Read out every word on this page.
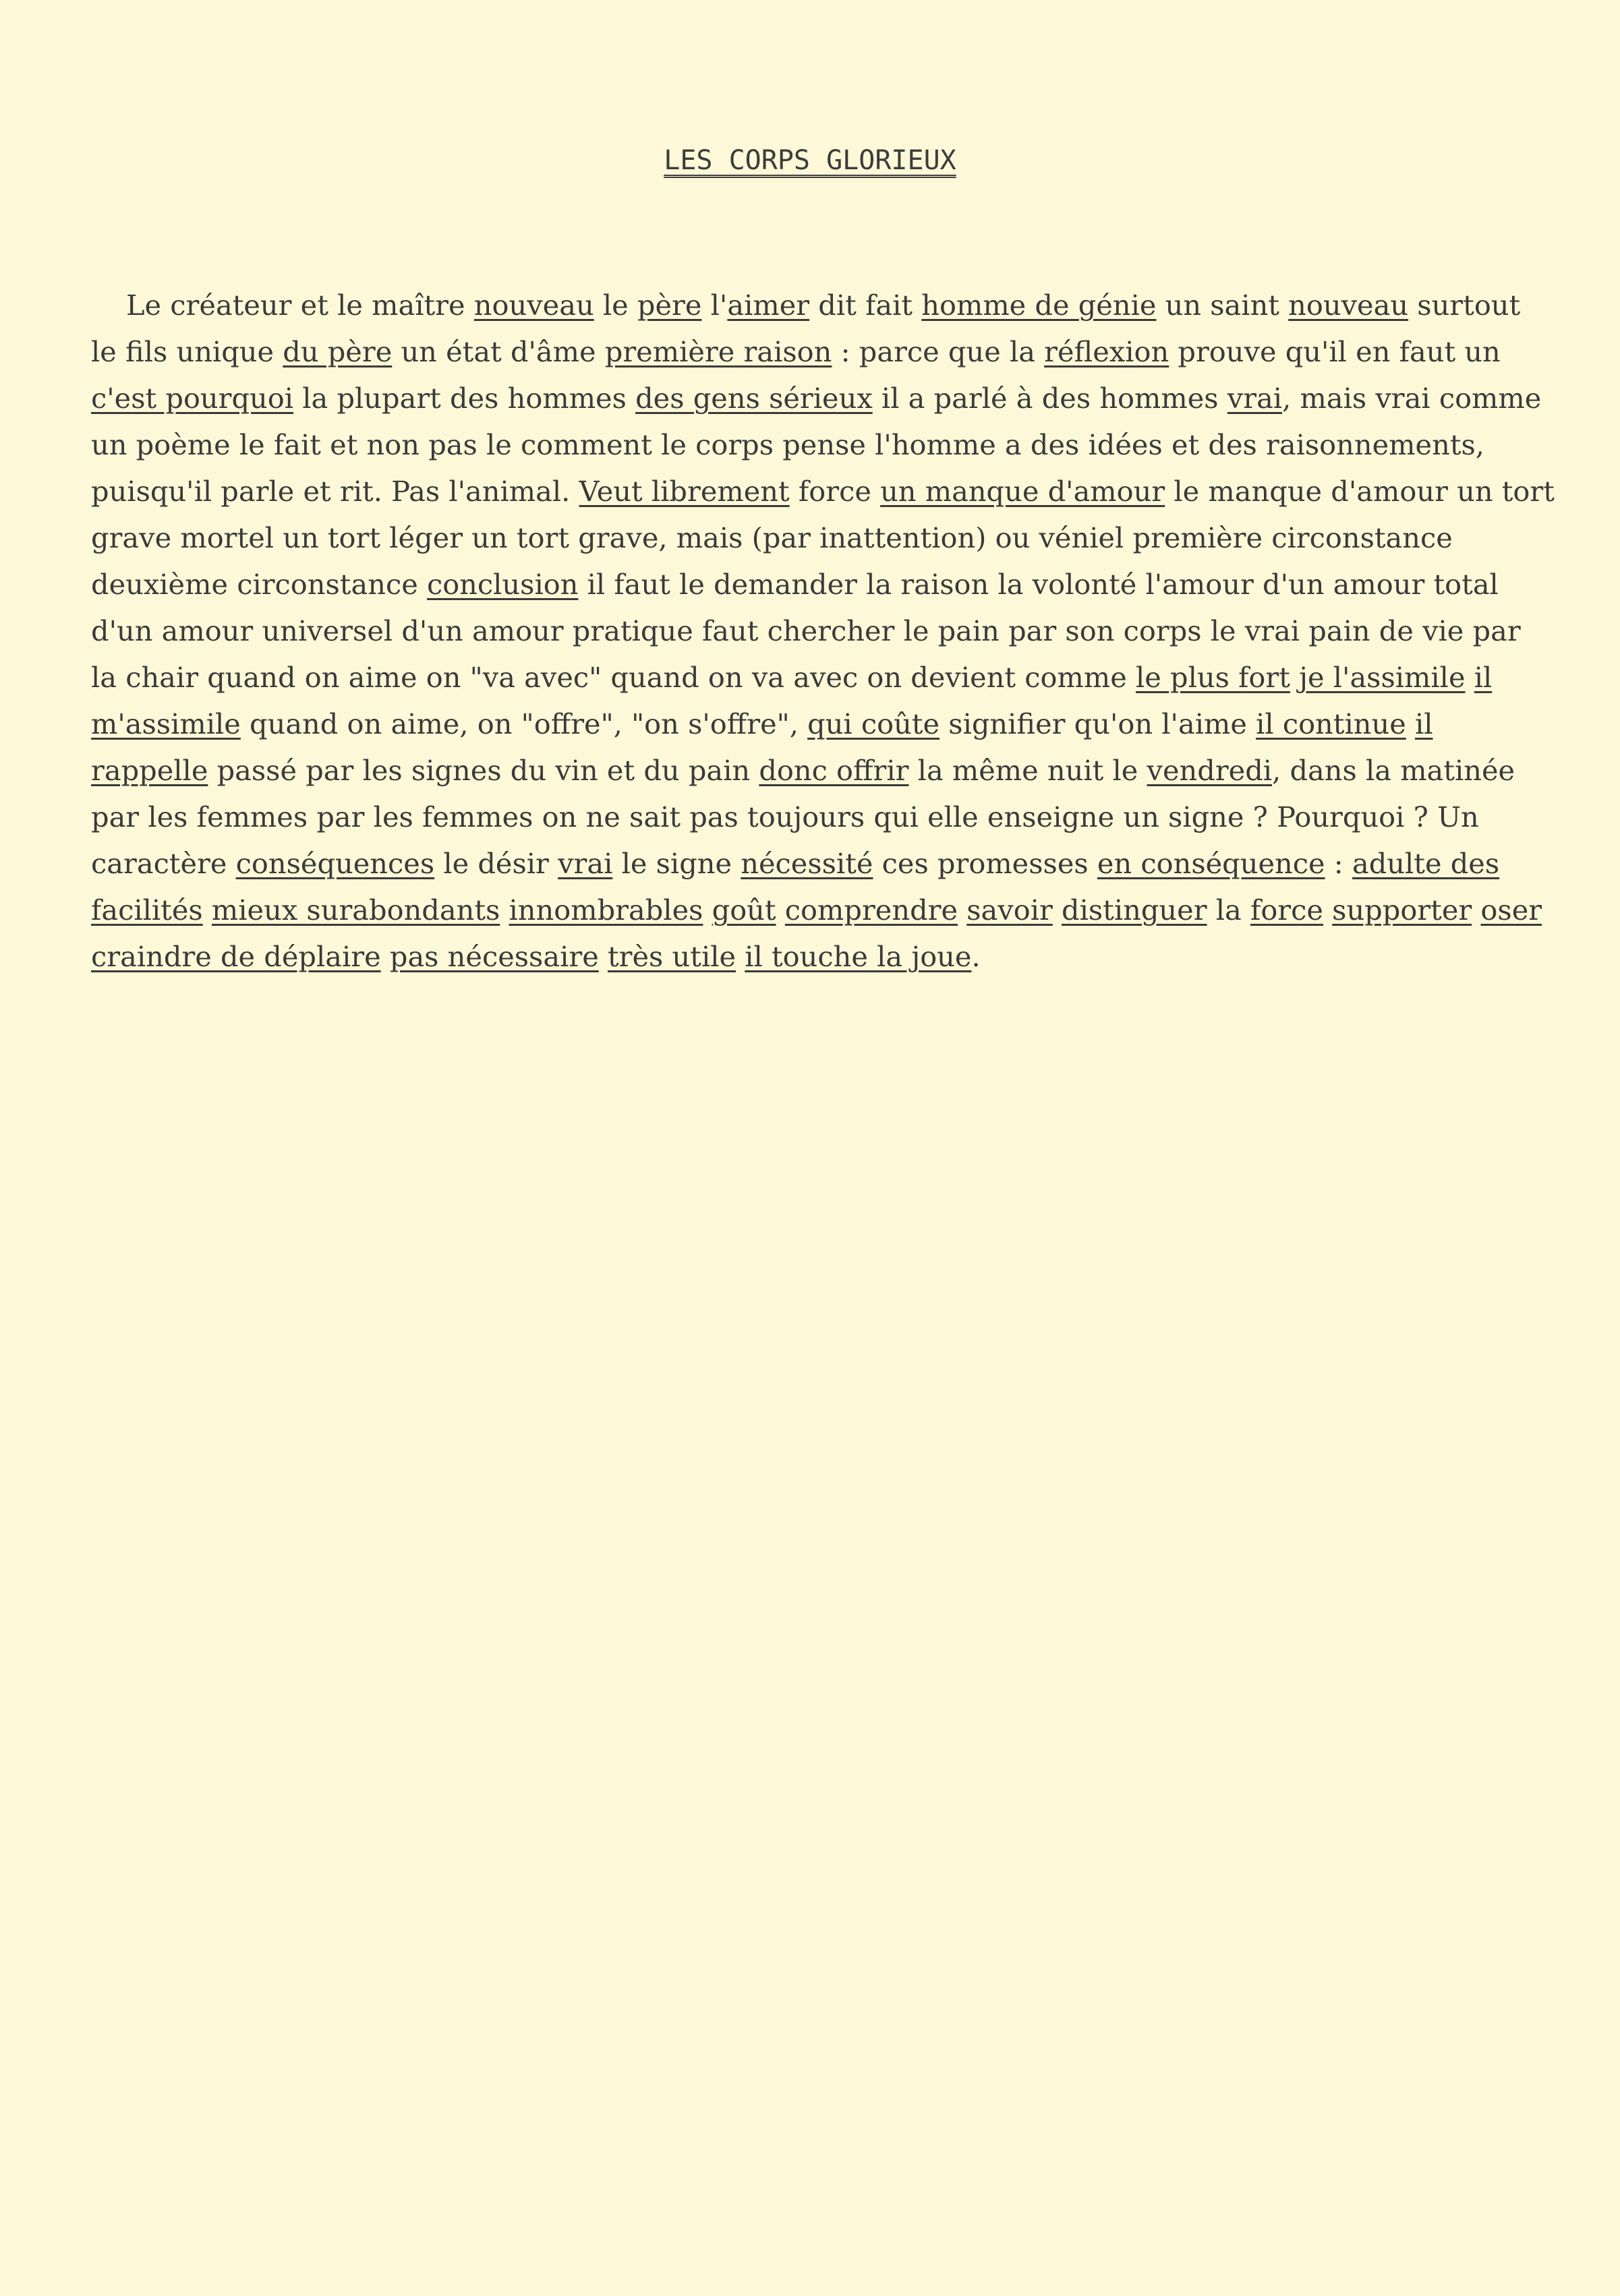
LES CORPS GLORIEUX

Le créateur et le maître nouveau le père l'aimer dit fait homme de génie un saint nouveau surtout le fils unique du père un état d'âme première raison : parce que la réflexion prouve qu'il en faut un c'est pourquoi la plupart des hommes des gens sérieux il a parlé à des hommes vrai, mais vrai comme un poème le fait et non pas le comment le corps pense l'homme a des idées et des raisonnements, puisqu'il parle et rit. Pas l'animal. Veut librement force un manque d'amour le manque d'amour un tort grave mortel un tort léger un tort grave, mais (par inattention) ou véniel première circonstance deuxième circonstance conclusion il faut le demander la raison la volonté l'amour d'un amour total d'un amour universel d'un amour pratique faut chercher le pain par son corps le vrai pain de vie par la chair quand on aime on "va avec" quand on va avec on devient comme le plus fort je l'assimile il m'assimile quand on aime, on "offre", "on s'offre", qui coûte signifier qu'on l'aime il continue il rappelle passé par les signes du vin et du pain donc offrir la même nuit le vendredi, dans la matinée par les femmes par les femmes on ne sait pas toujours qui elle enseigne un signe ? Pourquoi ? Un caractère conséquences le désir vrai le signe nécessité ces promesses en conséquence : adulte des facilités mieux surabondants innombrables goût comprendre savoir distinguer la force supporter oser craindre de déplaire pas nécessaire très utile il touche la joue.
